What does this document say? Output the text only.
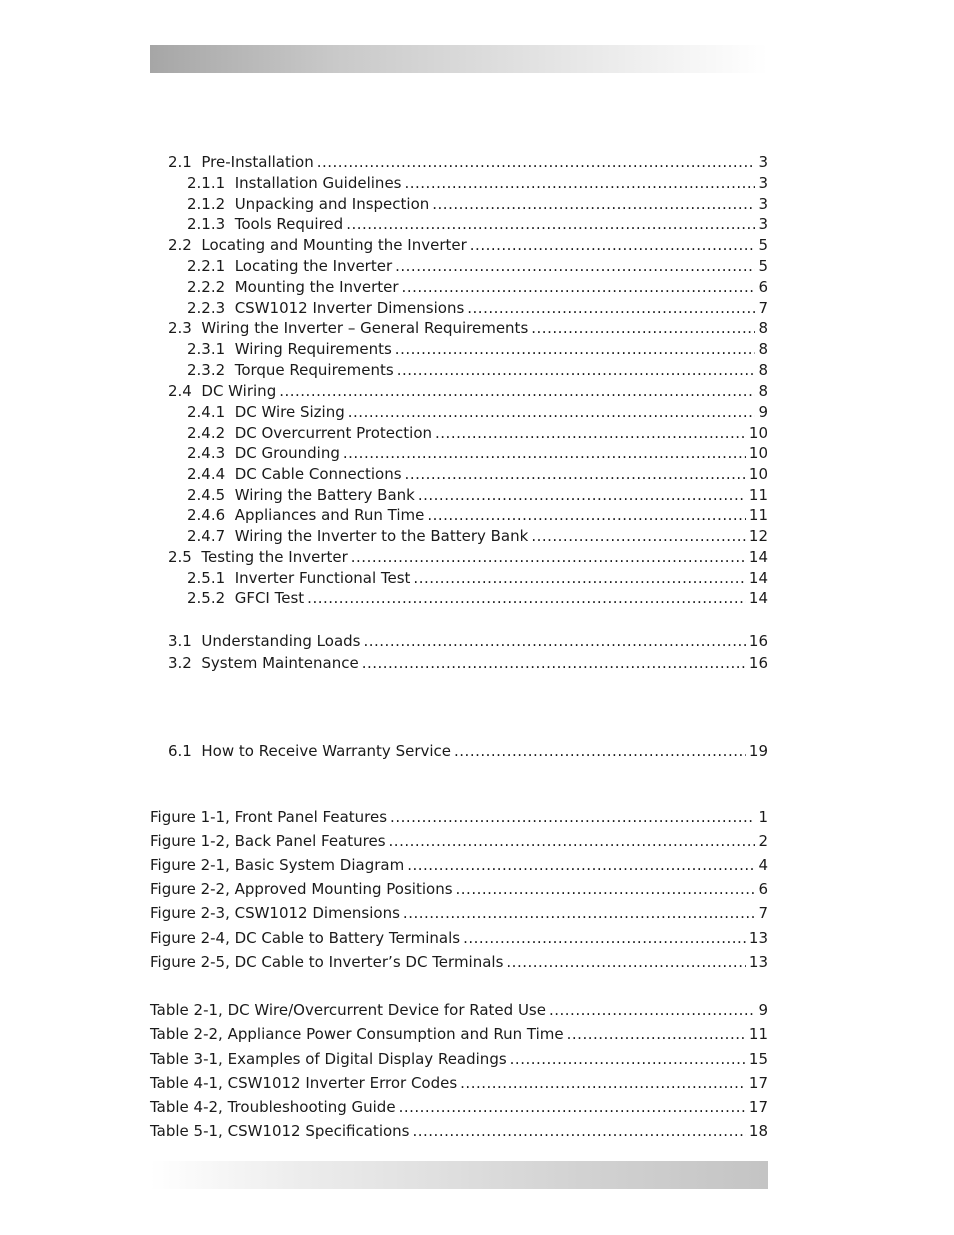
2.1  Pre-Installation .....	3
2.1.1  Installation Guidelines .....	3
2.1.2  Unpacking and Inspection .....	3
2.1.3  Tools Required .....	3
2.2  Locating and Mounting the Inverter .....	5
2.2.1  Locating the Inverter .....	5
2.2.2  Mounting the Inverter .....	6
2.2.3  CSW1012 Inverter Dimensions .....	7
2.3  Wiring the Inverter – General Requirements .....	8
2.3.1  Wiring Requirements .....	8
2.3.2  Torque Requirements .....	8
2.4  DC Wiring .....	8
2.4.1  DC Wire Sizing .....	9
2.4.2  DC Overcurrent Protection .....	10
2.4.3  DC Grounding .....	10
2.4.4  DC Cable Connections .....	10
2.4.5  Wiring the Battery Bank .....	11
2.4.6  Appliances and Run Time .....	11
2.4.7  Wiring the Inverter to the Battery Bank .....	12
2.5  Testing the Inverter .....	14
2.5.1  Inverter Functional Test .....	14
2.5.2  GFCI Test .....	14
3.1  Understanding Loads .....	16
3.2  System Maintenance .....	16
6.1  How to Receive Warranty Service .....	19
Figure 1-1, Front Panel Features .....	1
Figure 1-2, Back Panel Features .....	2
Figure 2-1, Basic System Diagram .....	4
Figure 2-2, Approved Mounting Positions .....	6
Figure 2-3, CSW1012 Dimensions .....	7
Figure 2-4, DC Cable to Battery Terminals .....	13
Figure 2-5, DC Cable to Inverter’s DC Terminals .....	13
Table 2-1, DC Wire/Overcurrent Device for Rated Use .....	9
Table 2-2, Appliance Power Consumption and Run Time .....	11
Table 3-1, Examples of Digital Display Readings .....	15
Table 4-1, CSW1012 Inverter Error Codes .....	17
Table 4-2, Troubleshooting Guide .....	17
Table 5-1, CSW1012 Specifications .....	18
